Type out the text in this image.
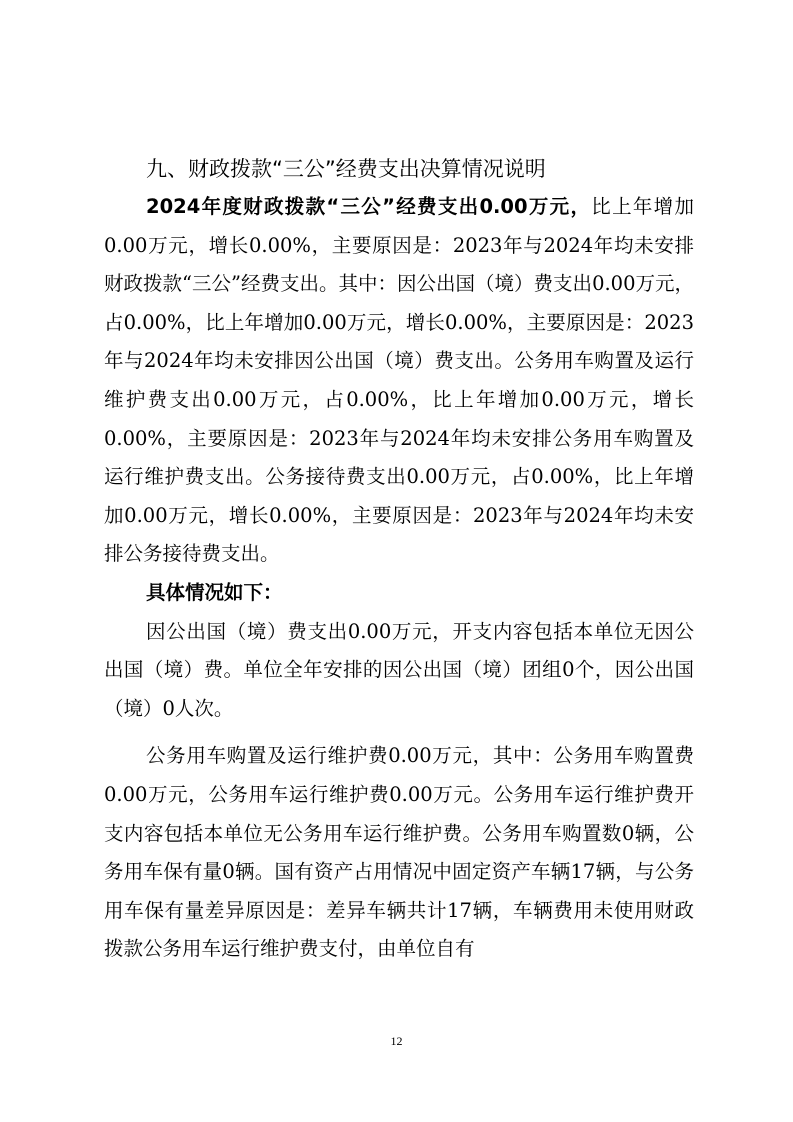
九、财政拨款“三公”经费支出决算情况说明

2024年度财政拨款“三公”经费支出0.00万元，比上年增加0.00万元，增长0.00%，主要原因是：2023年与2024年均未安排财政拨款“三公”经费支出。其中：因公出国（境）费支出0.00万元，占0.00%，比上年增加0.00万元，增长0.00%，主要原因是：2023年与2024年均未安排因公出国（境）费支出。公务用车购置及运行维护费支出0.00万元，占0.00%，比上年增加0.00万元，增长0.00%，主要原因是：2023年与2024年均未安排公务用车购置及运行维护费支出。公务接待费支出0.00万元，占0.00%，比上年增加0.00万元，增长0.00%，主要原因是：2023年与2024年均未安排公务接待费支出。

具体情况如下：

因公出国（境）费支出0.00万元，开支内容包括本单位无因公出国（境）费。单位全年安排的因公出国（境）团组0个，因公出国（境）0人次。

公务用车购置及运行维护费0.00万元，其中：公务用车购置费0.00万元，公务用车运行维护费0.00万元。公务用车运行维护费开支内容包括本单位无公务用车运行维护费。公务用车购置数0辆，公务用车保有量0辆。国有资产占用情况中固定资产车辆17辆，与公务用车保有量差异原因是：差异车辆共计17辆，车辆费用未使用财政拨款公务用车运行维护费支付，由单位自有

12
